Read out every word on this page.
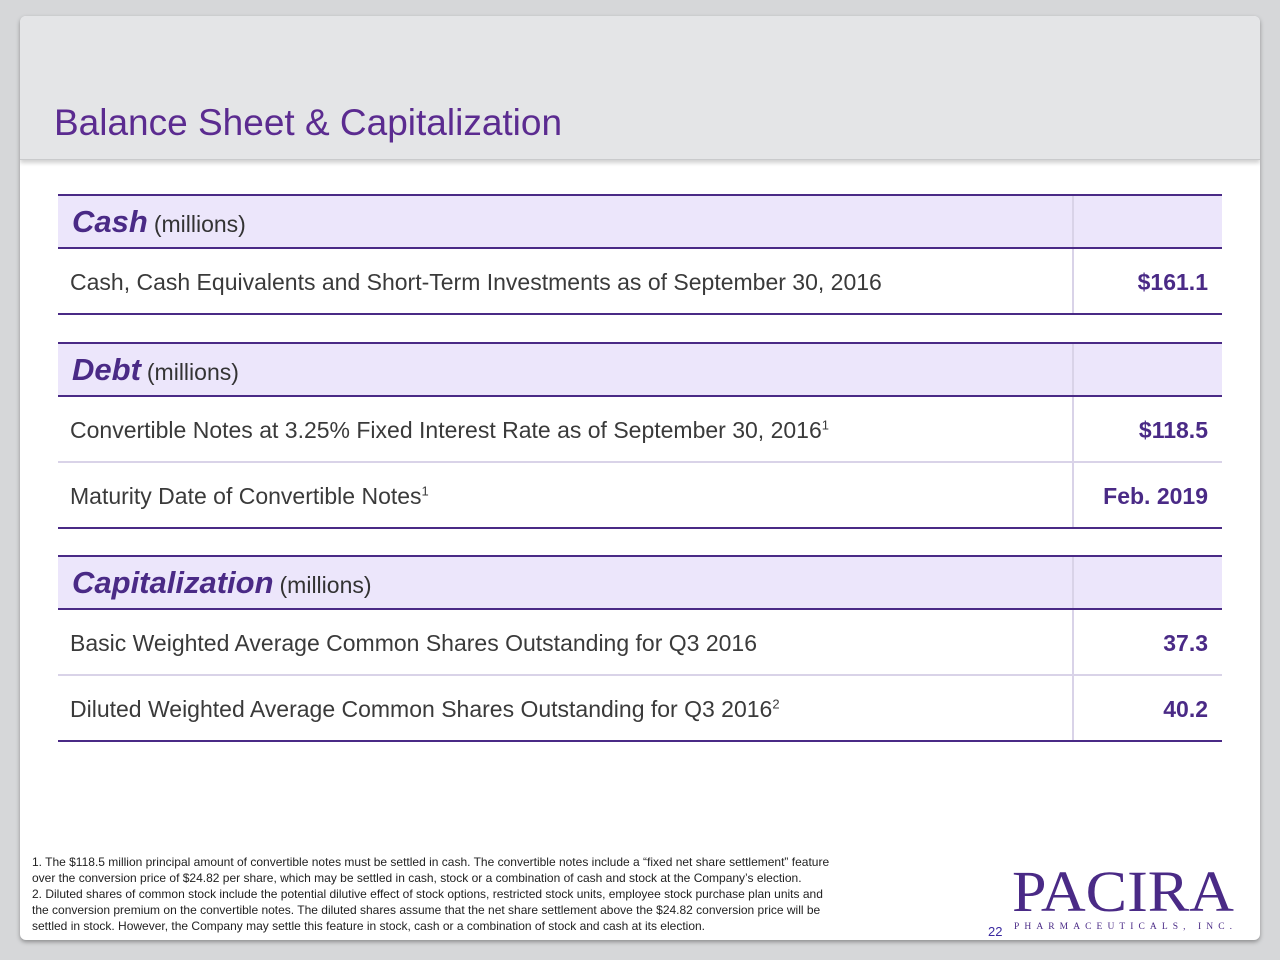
Balance Sheet & Capitalization
Cash (millions)
Cash, Cash Equivalents and Short-Term Investments as of September 30, 2016	$161.1
Debt (millions)
Convertible Notes at 3.25% Fixed Interest Rate as of September 30, 2016$^1$	$118.5
Maturity Date of Convertible Notes$^1$	Feb. 2019
Capitalization (millions)
Basic Weighted Average Common Shares Outstanding for Q3 2016	37.3
Diluted Weighted Average Common Shares Outstanding for Q3 2016$^2$	40.2

1. The $118.5 million principal amount of convertible notes must be settled in cash. The convertible notes include a “fixed net share settlement” feature

over the conversion price of $24.82 per share, which may be settled in cash, stock or a combination of cash and stock at the Company’s election.

2. Diluted shares of common stock include the potential dilutive effect of stock options, restricted stock units, employee stock purchase plan units and

the conversion premium on the convertible notes. The diluted shares assume that the net share settlement above the $24.82 conversion price will be

settled in stock. However, the Company may settle this feature in stock, cash or a combination of stock and cash at its election.	22
PACIRA
PHARMACEUTICALS, INC.
